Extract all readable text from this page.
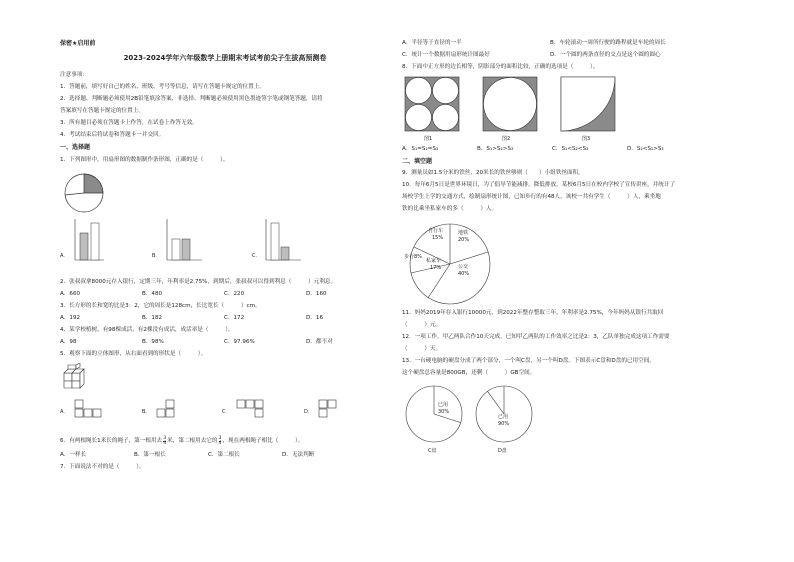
保密★启用前
2023-2024学年六年级数学上册期末考试考前尖子生拔高预测卷
注意事项：
1．答题前，填写好自己的姓名、班级、考号等信息，请写在答题卡规定的位置上。
2．选择题、判断题必须使用2B铅笔填涂答案，非选择、判断题必须使用黑色墨迹签字笔或钢笔答题，请将
答案填写在答题卡规定的位置上。
3．所有题目必须在答题卡上作答，在试卷上作答无效。
4．考试结束后将试卷和答题卡一并交回。
一、选择题
1．下列图形中，用扇形图的数据制作条形图，正确的是（　　　）。
A．	B．	C．
2．张叔叔拿8000元存入银行，定期三年，年利率是2.75%，到期后，张叔叔可以得到利息（　　　）元利息。
A．660	B．480	C．220	D．160
3．长方形的长和宽的比是3：2，它的周长是128cm，长比宽长（　　　）cm。
A．192	B．182	C．172	D．16
4．某学校植树，有98棵成活，有2棵没有成活，成活率是（　　　）。
A．98	B．98%	C．97.96%	D．都不对
5．观察下面的立体图形，从右面看到的形状是（　　　）。
A．	B．	C．	D．
6．有两根绳长1米长的绳子，第一根用去
3
4 米，第二根用去它的
3
4 ，现在两根绳子相比（　　　）。
A．一样长	B．第一根长	C．第二根长	D．无法判断
7．下面说法不对的是（　　　）。
A．半径等于直径的一半	B．车轮滚动一周所行驶的路程就是车轮的周长
C．统计一个数据用扇形统计图最好	D．一个圆的两条直径的交点是这个圆的圆心
8．下面中正方形的边长相等，阴影部分的面积比较，正确的选项是（　　　）。
图1	图2	图3
A．S₁=S₂=S₃	B．S₁>S₂>S₃	C．S₁<S₂<S₃	D．S₂<S₁>S₃
二、填空题
9．测量员如1.5分米的铁丝，20米长的铁丝够则（　　）小组铁丝面积。
10．每年6月5日是世界环境日，为了倡导节能减排，降低排放，某校6月5日在校内学校了宣传讲座，并统计了
场校学生上学的交通方式，绘制扇形统计图，已知步行的有48人，该校一共有学生（　　　）人，乘坐地
铁的比乘坐私家车的多（　　　）人。
自行车
15%
地铁
20%
公交
40%
私家车
17%
步行8%
11．妈妈2019年存入银行10000元，到2022年整存整取三年，年利率是2.75%，今年妈妈从银行共取回
（　　　）元。
12．一项工作，甲乙两队合作10天完成，已知甲乙两队的工作效率之比是2：3，乙队单独完成这项工作需要
（　　　）天。
13．一台硬电脑的硬盘分成了两个部分，一个叫C盘，另一个叫D盘。下图表示C盘和D盘的已用空间。
这个硬盘总容量是800GB，还剩（　　　）GB空间。
已用
30%
C盘
已用
90%
D盘
